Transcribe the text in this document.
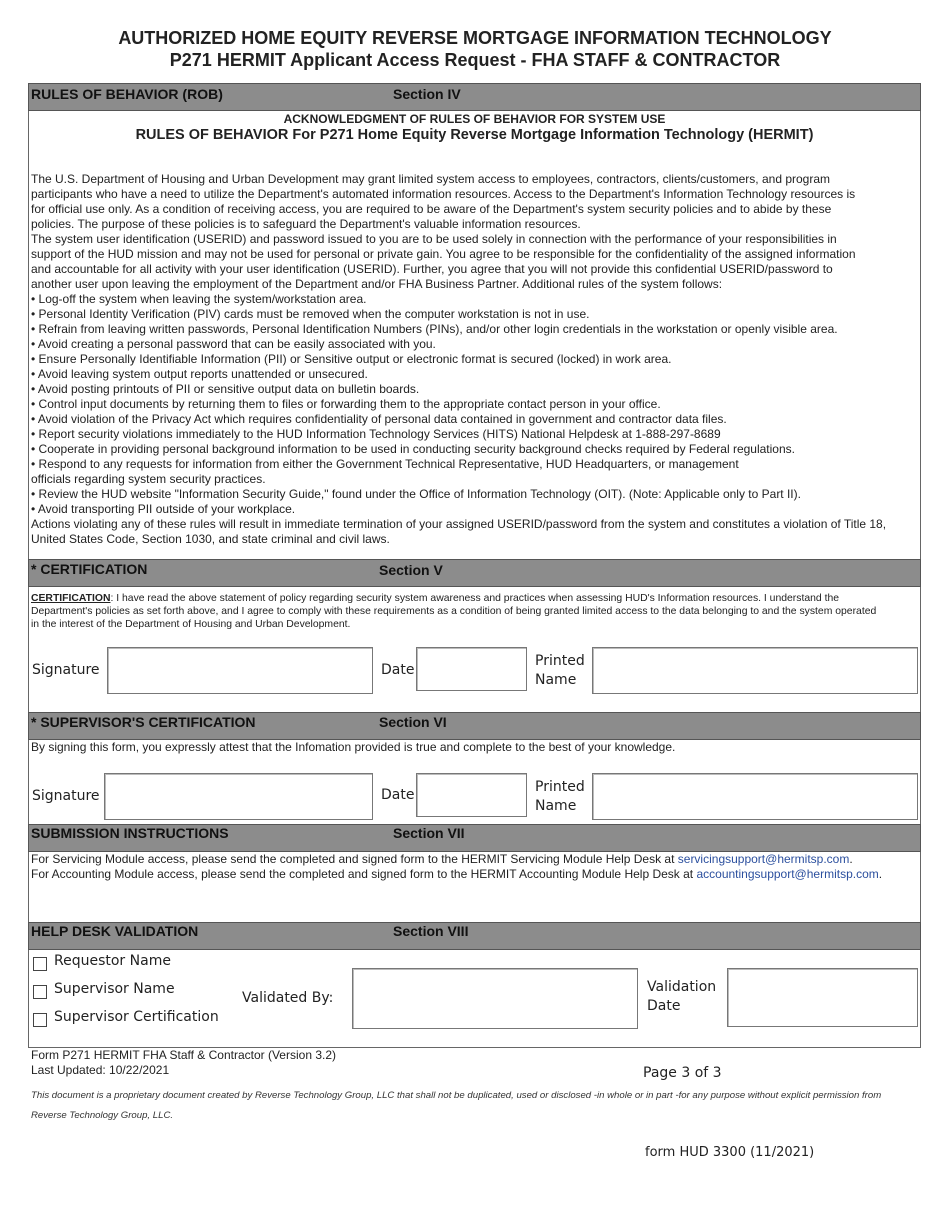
AUTHORIZED HOME EQUITY REVERSE MORTGAGE INFORMATION TECHNOLOGY
P271 HERMIT Applicant Access Request - FHA STAFF & CONTRACTOR
RULES OF BEHAVIOR (ROB)	Section IV
ACKNOWLEDGMENT OF RULES OF BEHAVIOR FOR SYSTEM USE
RULES OF BEHAVIOR For P271 Home Equity Reverse Mortgage Information Technology (HERMIT)
The U.S. Department of Housing and Urban Development may grant limited system access to employees, contractors, clients/customers, and program
participants who have a need to utilize the Department's automated information resources. Access to the Department's Information Technology resources is
for official use only. As a condition of receiving access, you are required to be aware of the Department's system security policies and to abide by these
policies. The purpose of these policies is to safeguard the Department's valuable information resources.
The system user identification (USERID) and password issued to you are to be used solely in connection with the performance of your responsibilities in
support of the HUD mission and may not be used for personal or private gain. You agree to be responsible for the confidentiality of the assigned information
and accountable for all activity with your user identification (USERID). Further, you agree that you will not provide this confidential USERID/password to
another user upon leaving the employment of the Department and/or FHA Business Partner. Additional rules of the system follows:
• Log-off the system when leaving the system/workstation area.
• Personal Identity Verification (PIV) cards must be removed when the computer workstation is not in use.
• Refrain from leaving written passwords, Personal Identification Numbers (PINs), and/or other login credentials in the workstation or openly visible area.
• Avoid creating a personal password that can be easily associated with you.
• Ensure Personally Identifiable Information (PII) or Sensitive output or electronic format is secured (locked) in work area.
• Avoid leaving system output reports unattended or unsecured.
• Avoid posting printouts of PII or sensitive output data on bulletin boards.
• Control input documents by returning them to files or forwarding them to the appropriate contact person in your office.
• Avoid violation of the Privacy Act which requires confidentiality of personal data contained in government and contractor data files.
• Report security violations immediately to the HUD Information Technology Services (HITS) National Helpdesk at 1-888-297-8689
• Cooperate in providing personal background information to be used in conducting security background checks required by Federal regulations.
• Respond to any requests for information from either the Government Technical Representative, HUD Headquarters, or management
officials regarding system security practices.
• Review the HUD website "Information Security Guide," found under the Office of Information Technology (OIT). (Note: Applicable only to Part II).
• Avoid transporting PII outside of your workplace.
Actions violating any of these rules will result in immediate termination of your assigned USERID/password from the system and constitutes a violation of Title 18,
United States Code, Section 1030, and state criminal and civil laws.
* CERTIFICATION	Section V
CERTIFICATION: I have read the above statement of policy regarding security system awareness and practices when assessing HUD's Information resources. I understand the
Department's policies as set forth above, and I agree to comply with these requirements as a condition of being granted limited access to the data belonging to and the system operated
in the interest of the Department of Housing and Urban Development.
Signature	Date
Printed
Name
* SUPERVISOR'S CERTIFICATION	Section VI
By signing this form, you expressly attest that the Infomation provided is true and complete to the best of your knowledge.
Signature	Date	Printed
Name
SUBMISSION INSTRUCTIONS	Section VII
For Servicing Module access, please send the completed and signed form to the HERMIT Servicing Module Help Desk at servicingsupport@hermitsp.com.
For Accounting Module access, please send the completed and signed form to the HERMIT Accounting Module Help Desk at accountingsupport@hermitsp.com.
HELP DESK VALIDATION	Section VIII
Requestor Name
Supervisor Name
Supervisor Certification
Validated By:
Validation
Date
Form P271 HERMIT FHA Staff & Contractor (Version 3.2)
Last Updated: 10/22/2021	Page 3 of 3
This document is a proprietary document created by Reverse Technology Group, LLC that shall not be duplicated, used or disclosed -in whole or in part -for any purpose without explicit permission from
Reverse Technology Group, LLC.
form HUD 3300 (11/2021)
